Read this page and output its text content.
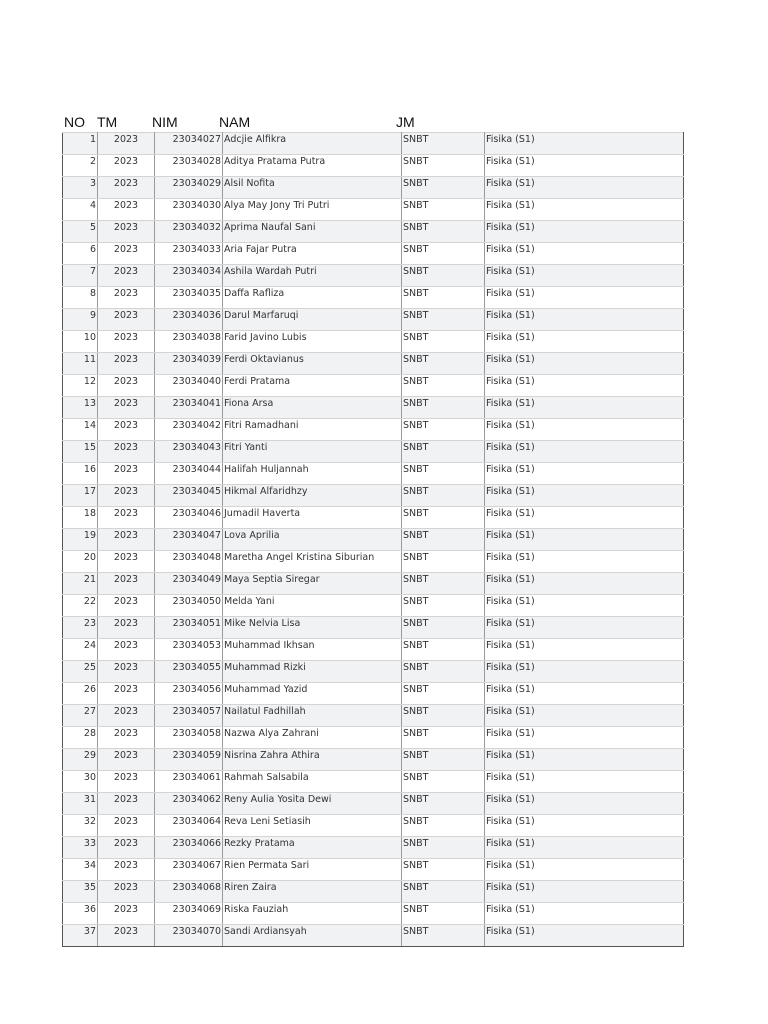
NO TM NIM	NAM	JM
1	2023	23034027	Adcjie Alfikra	SNBT	Fisika (S1)
2	2023	23034028	Aditya Pratama Putra	SNBT	Fisika (S1)
3	2023	23034029	Alsil Nofita	SNBT	Fisika (S1)
4	2023	23034030	Alya May Jony Tri Putri	SNBT	Fisika (S1)
5	2023	23034032	Aprima Naufal Sani	SNBT	Fisika (S1)
6	2023	23034033	Aria Fajar Putra	SNBT	Fisika (S1)
7	2023	23034034	Ashila Wardah Putri	SNBT	Fisika (S1)
8	2023	23034035	Daffa Rafliza	SNBT	Fisika (S1)
9	2023	23034036	Darul Marfaruqi	SNBT	Fisika (S1)
10	2023	23034038	Farid Javino Lubis	SNBT	Fisika (S1)
11	2023	23034039	Ferdi Oktavianus	SNBT	Fisika (S1)
12	2023	23034040	Ferdi Pratama	SNBT	Fisika (S1)
13	2023	23034041	Fiona Arsa	SNBT	Fisika (S1)
14	2023	23034042	Fitri Ramadhani	SNBT	Fisika (S1)
15	2023	23034043	Fitri Yanti	SNBT	Fisika (S1)
16	2023	23034044	Halifah Huljannah	SNBT	Fisika (S1)
17	2023	23034045	Hikmal Alfaridhzy	SNBT	Fisika (S1)
18	2023	23034046	Jumadil Haverta	SNBT	Fisika (S1)
19	2023	23034047	Lova Aprilia	SNBT	Fisika (S1)
20	2023	23034048	Maretha Angel Kristina Siburian	SNBT	Fisika (S1)
21	2023	23034049	Maya Septia Siregar	SNBT	Fisika (S1)
22	2023	23034050	Melda Yani	SNBT	Fisika (S1)
23	2023	23034051	Mike Nelvia Lisa	SNBT	Fisika (S1)
24	2023	23034053	Muhammad Ikhsan	SNBT	Fisika (S1)
25	2023	23034055	Muhammad Rizki	SNBT	Fisika (S1)
26	2023	23034056	Muhammad Yazid	SNBT	Fisika (S1)
27	2023	23034057	Nailatul Fadhillah	SNBT	Fisika (S1)
28	2023	23034058	Nazwa Alya Zahrani	SNBT	Fisika (S1)
29	2023	23034059	Nisrina Zahra Athira	SNBT	Fisika (S1)
30	2023	23034061	Rahmah Salsabila	SNBT	Fisika (S1)
31	2023	23034062	Reny Aulia Yosita Dewi	SNBT	Fisika (S1)
32	2023	23034064	Reva Leni Setiasih	SNBT	Fisika (S1)
33	2023	23034066	Rezky Pratama	SNBT	Fisika (S1)
34	2023	23034067	Rien Permata Sari	SNBT	Fisika (S1)
35	2023	23034068	Riren Zaira	SNBT	Fisika (S1)
36	2023	23034069	Riska Fauziah	SNBT	Fisika (S1)
37	2023	23034070	Sandi Ardiansyah	SNBT	Fisika (S1)
